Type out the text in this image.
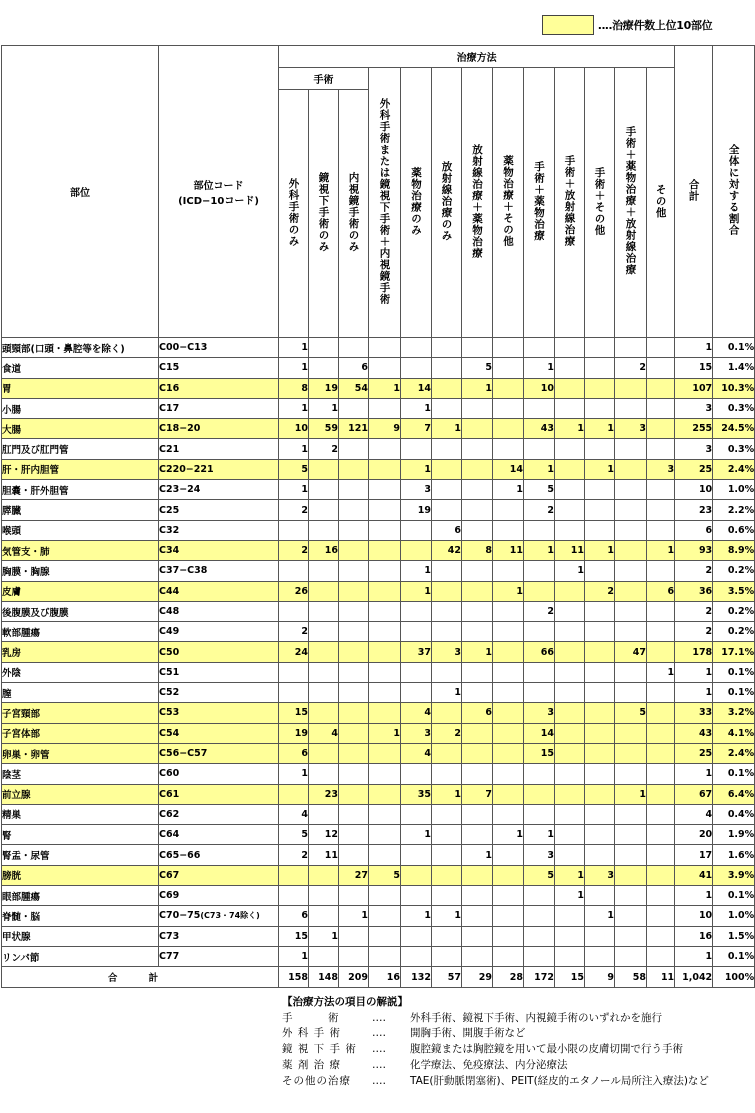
‥‥治療件数上位10部位
部位	部位コード
(ICD−10コード)	治療方法													合計	全体に対する割合
		手術			外科手術または鏡視下手術＋内視鏡手術	薬物治療のみ	放射線治療のみ	放射線治療＋薬物治療	薬物治療＋その他	手術＋薬物治療	手術＋放射線治療	手術＋その他	手術＋薬物治療＋放射線治療	その他		
		外科手術のみ	鏡視下手術のみ	内視鏡手術のみ												
頭頸部(口頭・鼻腔等を除く)	C00−C13	1													1	0.1%
食道	C15	1		6				5		1			2		15	1.4%
胃	C16	8	19	54	1	14		1		10					107	10.3%
小腸	C17	1	1			1									3	0.3%
大腸	C18−20	10	59	121	9	7	1			43	1	1	3		255	24.5%
肛門及び肛門管	C21	1	2												3	0.3%
肝・肝内胆管	C220−221	5				1			14	1		1		3	25	2.4%
胆嚢・肝外胆管	C23−24	1				3			1	5					10	1.0%
膵臓	C25	2				19				2					23	2.2%
喉頭	C32						6								6	0.6%
気管支・肺	C34	2	16				42	8	11	1	11	1		1	93	8.9%
胸膜・胸腺	C37−C38					1					1				2	0.2%
皮膚	C44	26				1			1			2		6	36	3.5%
後腹膜及び腹膜	C48									2					2	0.2%
軟部腫瘍	C49	2													2	0.2%
乳房	C50	24				37	3	1		66			47		178	17.1%
外陰	C51													1	1	0.1%
膣	C52						1								1	0.1%
子宮頸部	C53	15				4		6		3			5		33	3.2%
子宮体部	C54	19	4		1	3	2			14					43	4.1%
卵巣・卵管	C56−C57	6				4				15					25	2.4%
陰茎	C60	1													1	0.1%
前立腺	C61		23			35	1	7					1		67	6.4%
精巣	C62	4													4	0.4%
腎	C64	5	12			1			1	1					20	1.9%
腎盂・尿管	C65−66	2	11					1		3					17	1.6%
膀胱	C67			27	5					5	1	3			41	3.9%
眼部腫瘍	C69										1				1	0.1%
脊髄・脳	C70−75(C73・74除く)	6		1		1	1					1			10	1.0%
甲状腺	C73	15	1												16	1.5%
リンパ節	C77	1													1	0.1%
合 計		158	148	209	16	132	57	29	28	172	15	9	58	11	1,042	100%
【治療方法の項目の解説】
手　　　術	‥‥	外科手術、鏡視下手術、内視鏡手術のいずれかを施行
外 科 手 術	‥‥	開胸手術、開腹手術など
鏡 視 下 手 術	‥‥	腹腔鏡または胸腔鏡を用いて最小限の皮膚切開で行う手術
薬 剤 治 療	‥‥	化学療法、免疫療法、内分泌療法
その他の治療	‥‥	TAE(肝動脈閉塞術)、PEIT(経皮的エタノール局所注入療法)など
